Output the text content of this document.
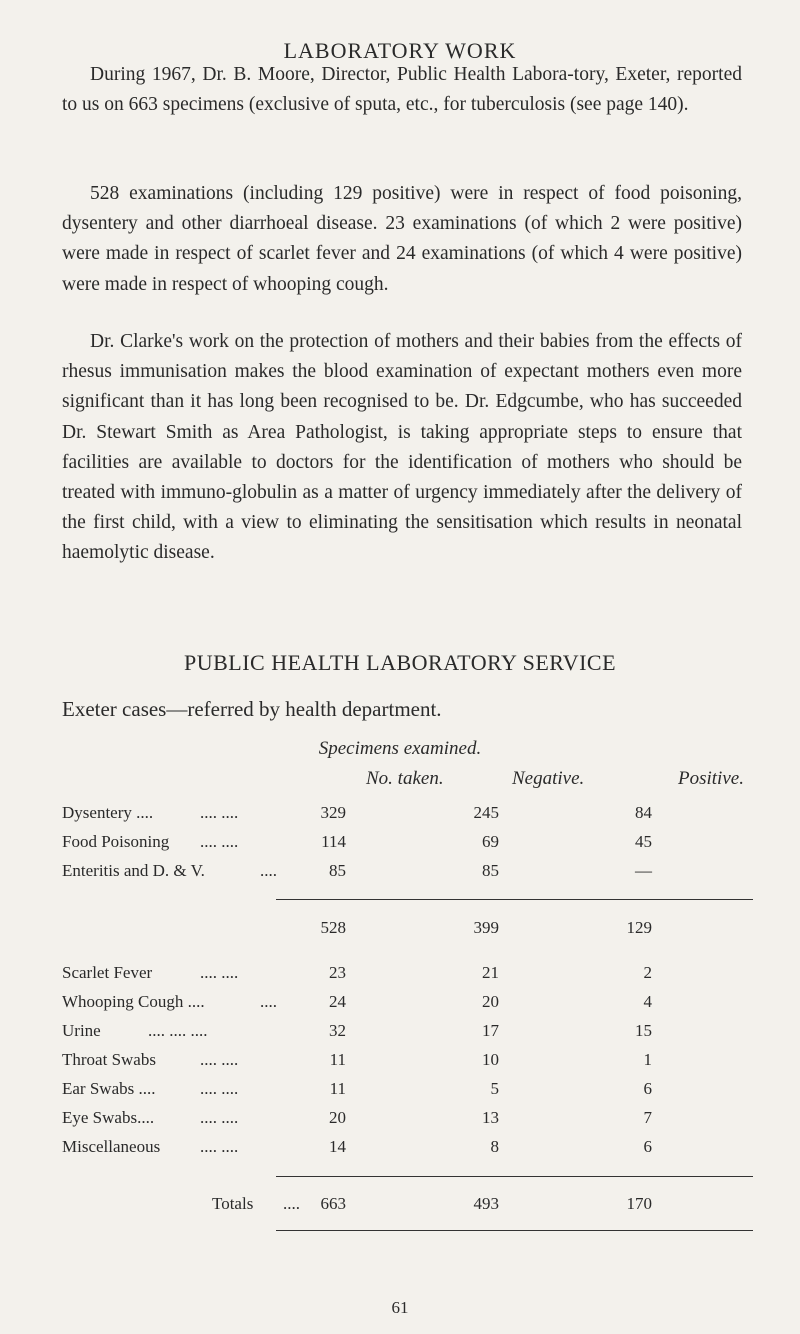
LABORATORY WORK

During 1967, Dr. B. Moore, Director, Public Health Labora-tory, Exeter, reported to us on 663 specimens (exclusive of sputa, etc., for tuberculosis (see page 140).

528 examinations (including 129 positive) were in respect of food poisoning, dysentery and other diarrhoeal disease. 23 examinations (of which 2 were positive) were made in respect of scarlet fever and 24 examinations (of which 4 were positive) were made in respect of whooping cough.

Dr. Clarke's work on the protection of mothers and their babies from the effects of rhesus immunisation makes the blood examination of expectant mothers even more significant than it has long been recognised to be. Dr. Edgcumbe, who has succeeded Dr. Stewart Smith as Area Pathologist, is taking appropriate steps to ensure that facilities are available to doctors for the identification of mothers who should be treated with immuno-globulin as a matter of urgency immediately after the delivery of the first child, with a view to eliminating the sensitisation which results in neonatal haemolytic disease.

PUBLIC HEALTH LABORATORY SERVICE
Exeter cases—referred by health department.
Specimens examined.
No. taken.	Negative.	Positive.
Dysentery ....	.... ....	329	245	84
Food Poisoning .... ....	114	69	45
Enteritis and D. & V.	....	85	85	—
528	399	129
Scarlet Fever	.... ....	23	21	2
Whooping Cough ....	....	24	20	4
Urine	.... .... ....	32	17	15
Throat Swabs	.... ....	11	10	1
Ear Swabs ....	.... ....	11	5	6
Eye Swabs....	.... ....	20	13	7
Miscellaneous .... ....	14	8	6
Totals ....	663	493	170
61
